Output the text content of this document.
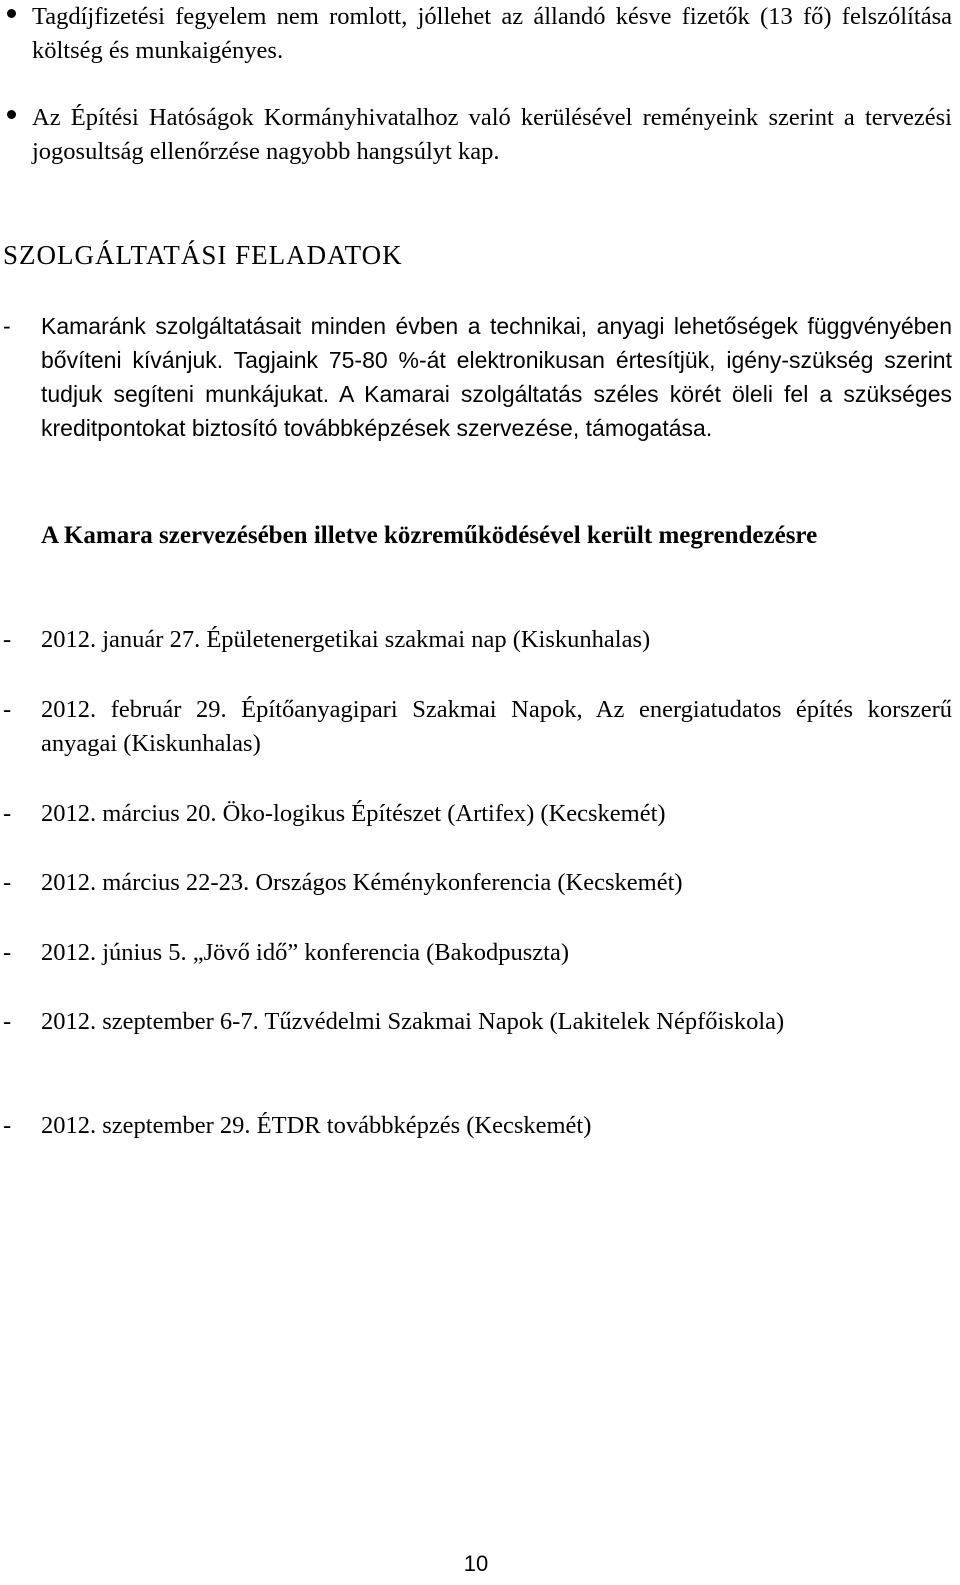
Tagdíjfizetési fegyelem nem romlott, jóllehet az állandó késve fizetők (13 fő) felszólítása költség és munkaigényes.
Az Építési Hatóságok Kormányhivatalhoz való kerülésével reményeink szerint a tervezési jogosultság ellenőrzése nagyobb hangsúlyt kap.
SZOLGÁLTATÁSI FELADATOK
- Kamaránk szolgáltatásait minden évben a technikai, anyagi lehetőségek függvényében bővíteni kívánjuk. Tagjaink 75-80 %-át elektronikusan értesítjük, igény-szükség szerint tudjuk segíteni munkájukat. A Kamarai szolgáltatás széles körét öleli fel a szükséges kreditpontokat biztosító továbbképzések szervezése, támogatása.
A Kamara szervezésében illetve közreműködésével került megrendezésre
- 2012. január 27. Épületenergetikai szakmai nap (Kiskunhalas)
- 2012. február 29. Építőanyagipari Szakmai Napok, Az energiatudatos építés korszerű anyagai (Kiskunhalas)
- 2012. március 20. Öko-logikus Építészet (Artifex) (Kecskemét)
- 2012. március 22-23. Országos Kéménykonferencia (Kecskemét)
- 2012. június 5. „Jövő idő” konferencia (Bakodpuszta)
- 2012. szeptember 6-7. Tűzvédelmi Szakmai Napok (Lakitelek Népfőiskola)
- 2012. szeptember 29. ÉTDR továbbképzés (Kecskemét)
10
